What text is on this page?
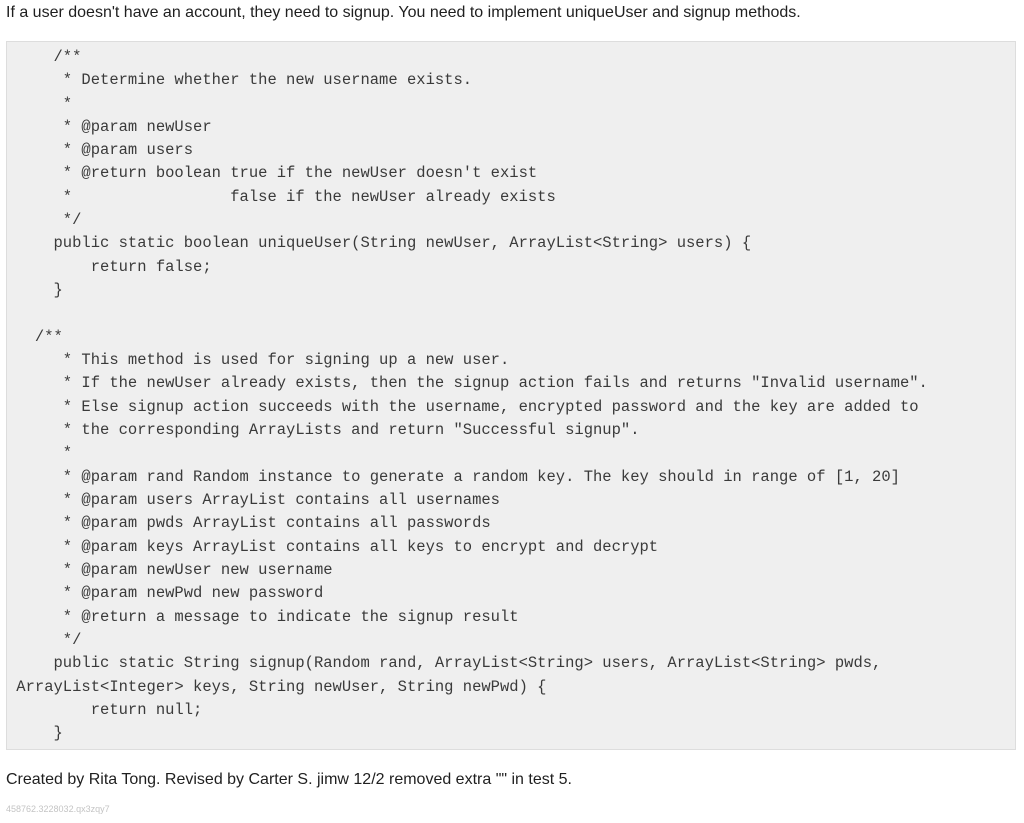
If a user doesn't have an account, they need to signup. You need to implement uniqueUser and signup methods.
/**
* Determine whether the new username exists.
*
* @param newUser
* @param users
* @return boolean true if the newUser doesn't exist
*                 false if the newUser already exists
*/
public static boolean uniqueUser(String newUser, ArrayList<String> users) {
return false;
}
/**
* This method is used for signing up a new user.
* If the newUser already exists, then the signup action fails and returns "Invalid username".
* Else signup action succeeds with the username, encrypted password and the key are added to
* the corresponding ArrayLists and return "Successful signup".
*
* @param rand Random instance to generate a random key. The key should in range of [1, 20]
* @param users ArrayList contains all usernames
* @param pwds ArrayList contains all passwords
* @param keys ArrayList contains all keys to encrypt and decrypt
* @param newUser new username
* @param newPwd new password
* @return a message to indicate the signup result
*/
public static String signup(Random rand, ArrayList<String> users, ArrayList<String> pwds,
ArrayList<Integer> keys, String newUser, String newPwd) {
return null;
}
Created by Rita Tong. Revised by Carter S. jimw 12/2 removed extra "" in test 5.
458762.3228032.qx3zqy7
